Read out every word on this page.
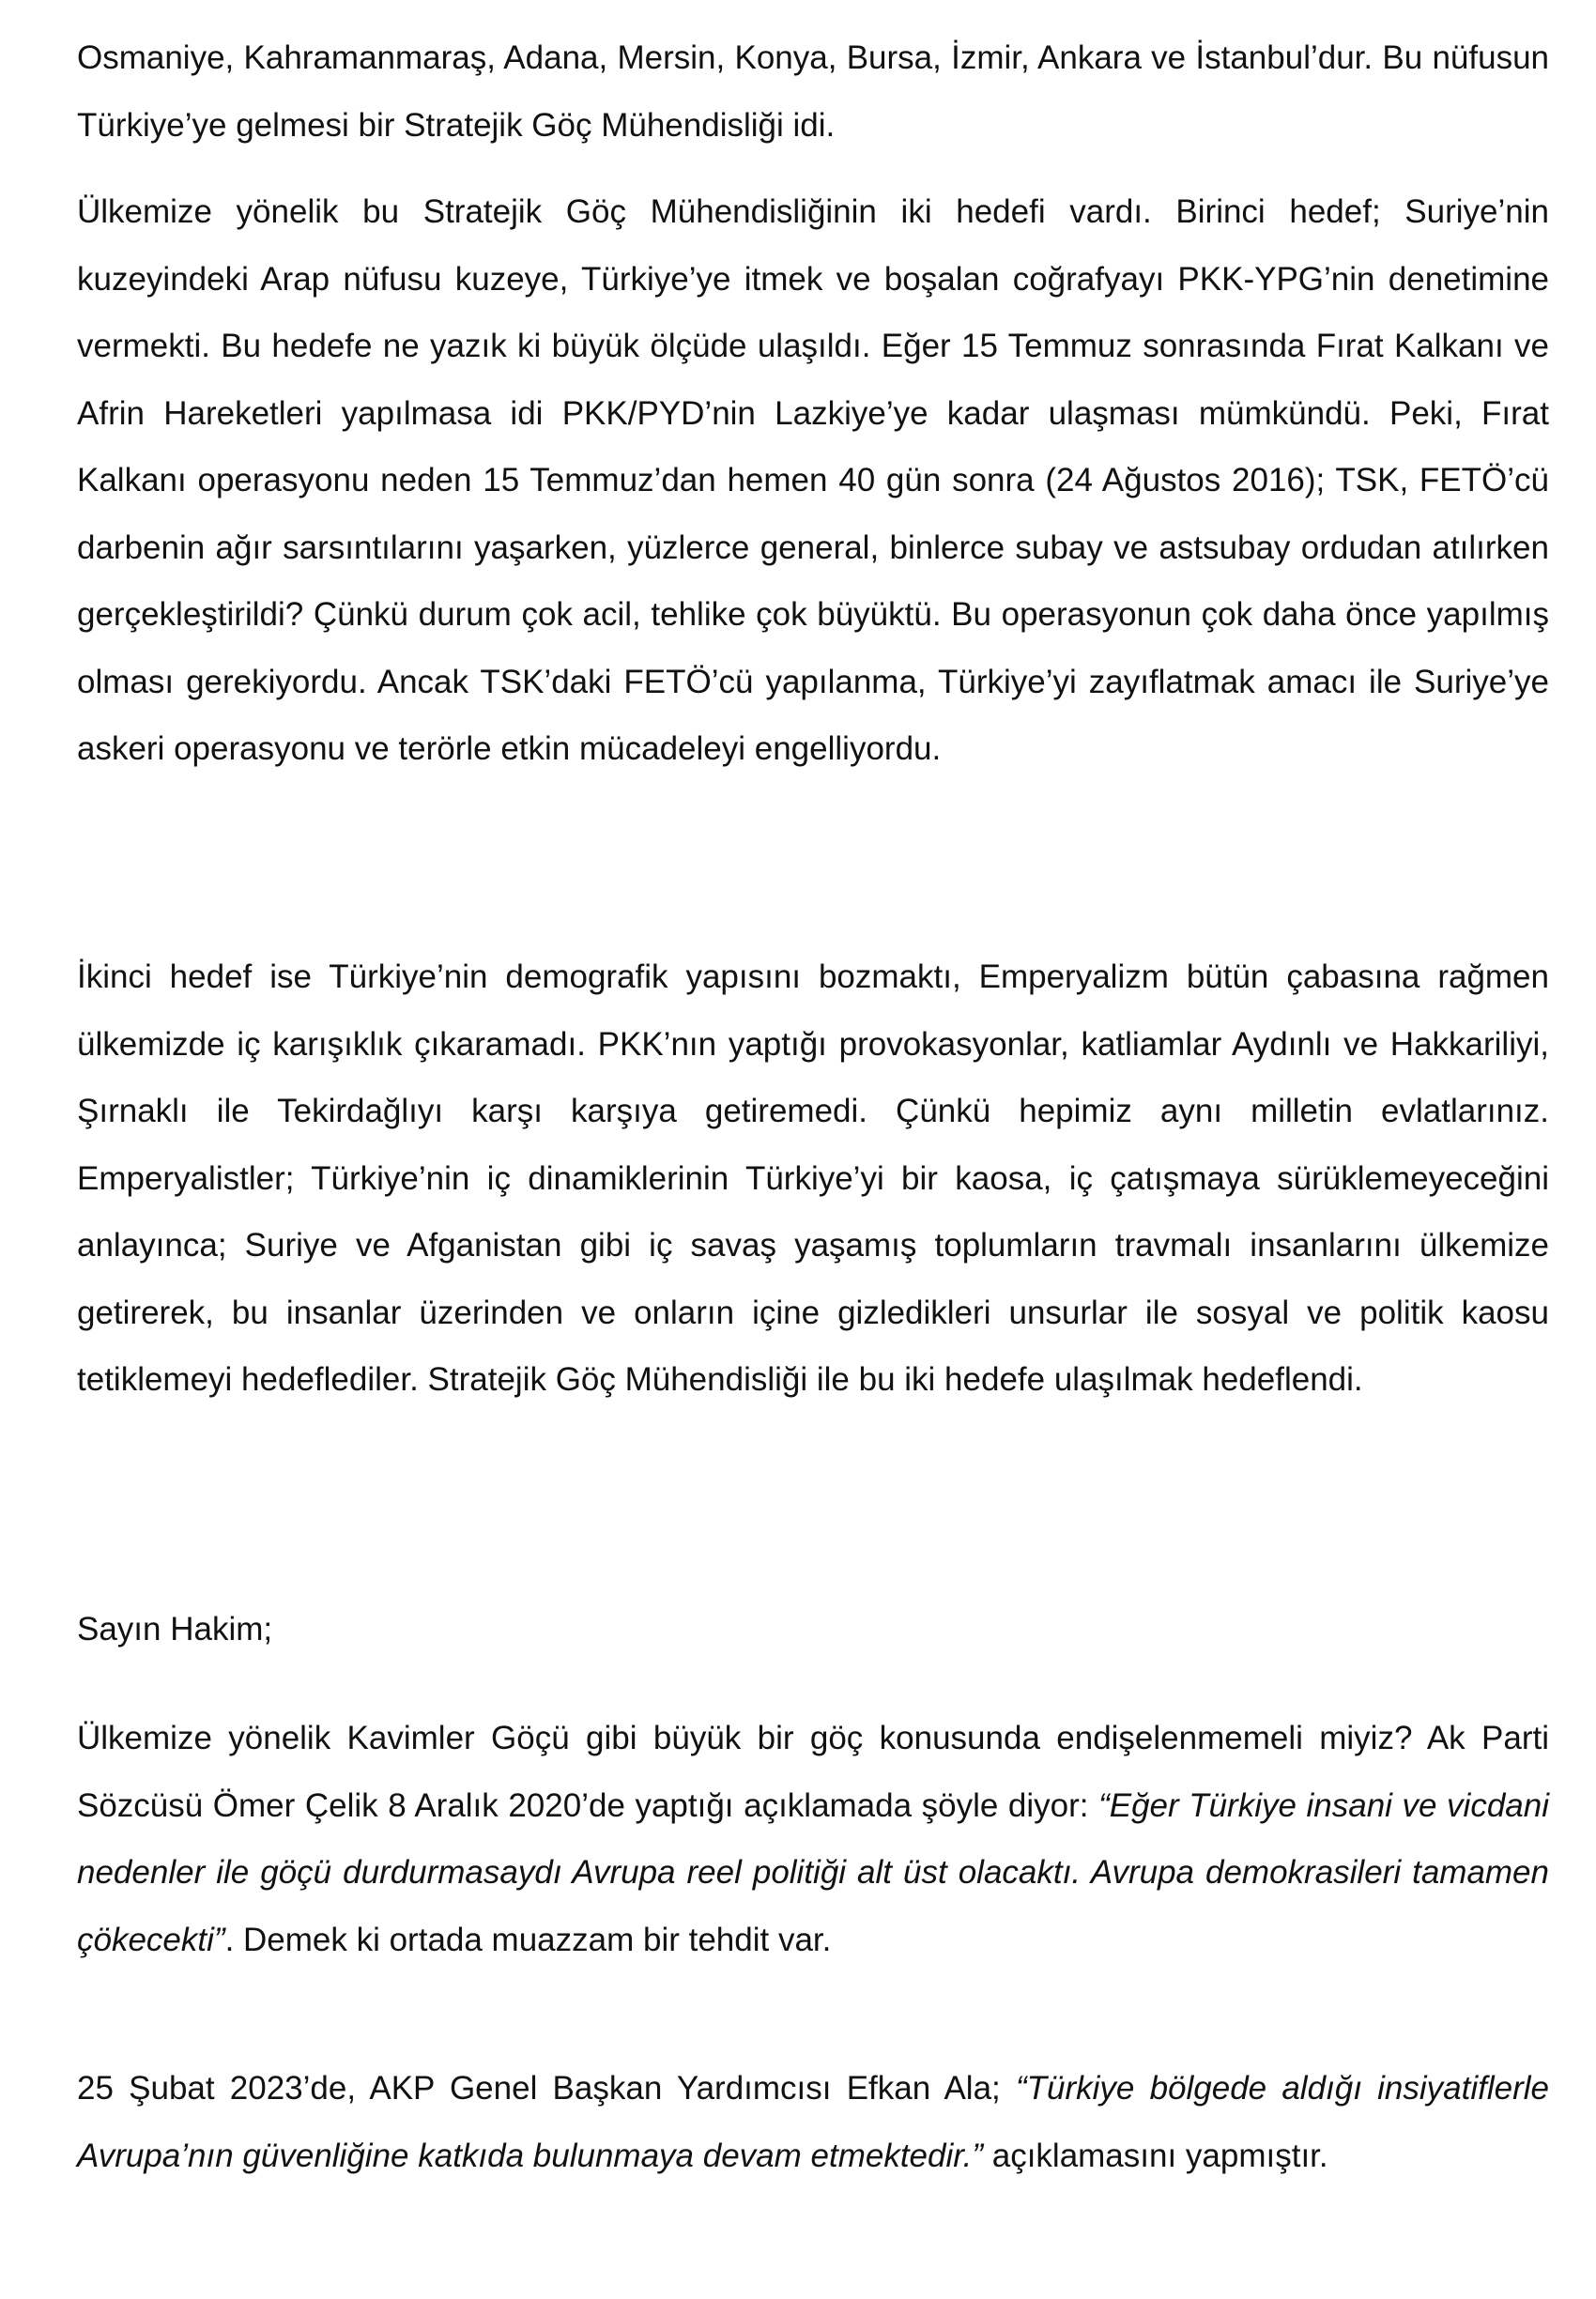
Osmaniye, Kahramanmaraş, Adana, Mersin, Konya, Bursa, İzmir, Ankara ve İstanbul’dur. Bu nüfusun Türkiye’ye gelmesi bir Stratejik Göç Mühendisliği idi.

Ülkemize yönelik bu Stratejik Göç Mühendisliğinin iki hedefi vardı. Birinci hedef; Suriye’nin kuzeyindeki Arap nüfusu kuzeye, Türkiye’ye itmek ve boşalan coğrafyayı PKK-YPG’nin denetimine vermekti. Bu hedefe ne yazık ki büyük ölçüde ulaşıldı. Eğer 15 Temmuz sonrasında Fırat Kalkanı ve Afrin Hareketleri yapılmasa idi PKK/PYD’nin Lazkiye’ye kadar ulaşması mümkündü. Peki, Fırat Kalkanı operasyonu neden 15 Temmuz’dan hemen 40 gün sonra (24 Ağustos 2016); TSK, FETÖ’cü darbenin ağır sarsıntılarını yaşarken, yüzlerce general, binlerce subay ve astsubay ordudan atılırken gerçekleştirildi? Çünkü durum çok acil, tehlike çok büyüktü. Bu operasyonun çok daha önce yapılmış olması gerekiyordu. Ancak TSK’daki FETÖ’cü yapılanma, Türkiye’yi zayıflatmak amacı ile Suriye’ye askeri operasyonu ve terörle etkin mücadeleyi engelliyordu.

İkinci hedef ise Türkiye’nin demografik yapısını bozmaktı, Emperyalizm bütün çabasına rağmen ülkemizde iç karışıklık çıkaramadı. PKK’nın yaptığı provokasyonlar, katliamlar Aydınlı ve Hakkariliyi, Şırnaklı ile Tekirdağlıyı karşı karşıya getiremedi. Çünkü hepimiz aynı milletin evlatlarınız. Emperyalistler; Türkiye’nin iç dinamiklerinin Türkiye’yi bir kaosa, iç çatışmaya sürüklemeyeceğini anlayınca; Suriye ve Afganistan gibi iç savaş yaşamış toplumların travmalı insanlarını ülkemize getirerek, bu insanlar üzerinden ve onların içine gizledikleri unsurlar ile sosyal ve politik kaosu tetiklemeyi hedeflediler. Stratejik Göç Mühendisliği ile bu iki hedefe ulaşılmak hedeflendi.

Sayın Hakim;

Ülkemize yönelik Kavimler Göçü gibi büyük bir göç konusunda endişelenmemeli miyiz? Ak Parti Sözcüsü Ömer Çelik 8 Aralık 2020’de yaptığı açıklamada şöyle diyor: “Eğer Türkiye insani ve vicdani nedenler ile göçü durdurmasaydı Avrupa reel politiği alt üst olacaktı. Avrupa demokrasileri tamamen çökecekti”. Demek ki ortada muazzam bir tehdit var.

25 Şubat 2023’de, AKP Genel Başkan Yardımcısı Efkan Ala; “Türkiye bölgede aldığı insiyatiflerle Avrupa’nın güvenliğine katkıda bulunmaya devam etmektedir.” açıklamasını yapmıştır.
